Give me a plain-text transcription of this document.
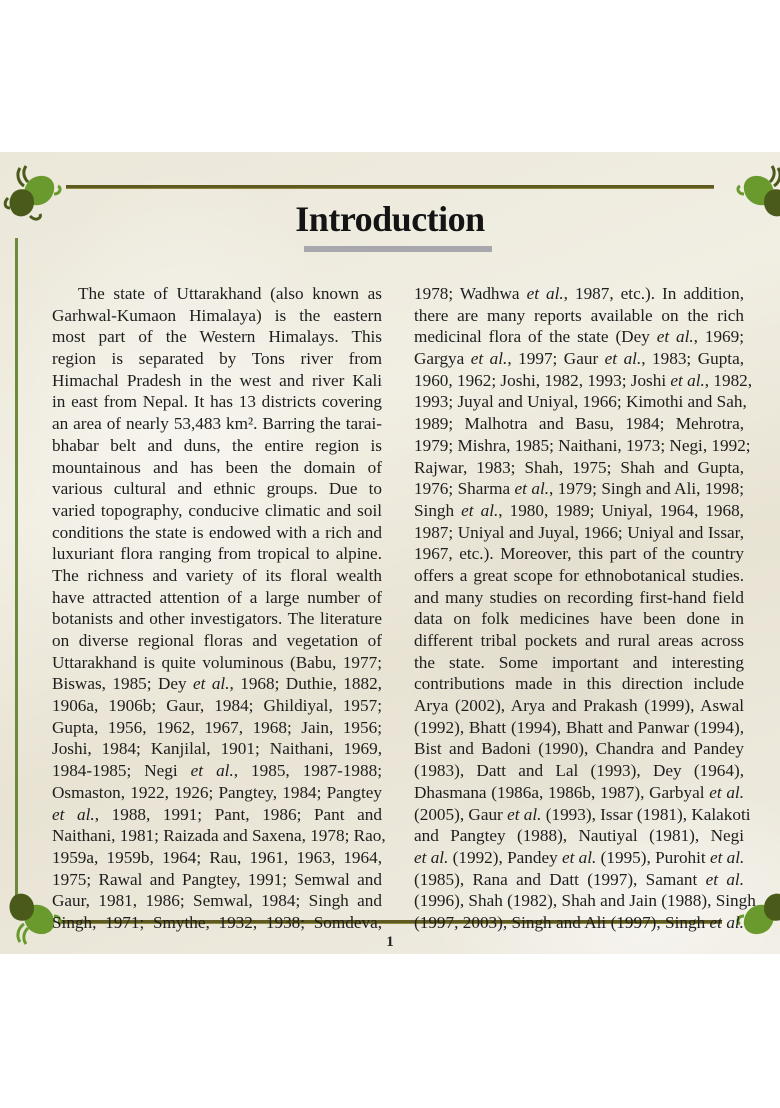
Introduction
The state of Uttarakhand (also known as
Garhwal-Kumaon Himalaya) is the eastern
most part of the Western Himalays. This
region is separated by Tons river from
Himachal Pradesh in the west and river Kali
in east from Nepal. It has 13 districts covering
an area of nearly 53,483 km². Barring the tarai-
bhabar belt and duns, the entire region is
mountainous and has been the domain of
various cultural and ethnic groups. Due to
varied topography, conducive climatic and soil
conditions the state is endowed with a rich and
luxuriant flora ranging from tropical to alpine.
The richness and variety of its floral wealth
have attracted attention of a large number of
botanists and other investigators. The literature
on diverse regional floras and vegetation of
Uttarakhand is quite voluminous (Babu, 1977;
Biswas, 1985; Dey et al., 1968; Duthie, 1882,
1906a, 1906b; Gaur, 1984; Ghildiyal, 1957;
Gupta, 1956, 1962, 1967, 1968; Jain, 1956;
Joshi, 1984; Kanjilal, 1901; Naithani, 1969,
1984-1985; Negi et al., 1985, 1987-1988;
Osmaston, 1922, 1926; Pangtey, 1984; Pangtey
et al., 1988, 1991; Pant, 1986; Pant and
Naithani, 1981; Raizada and Saxena, 1978; Rao,
1959a, 1959b, 1964; Rau, 1961, 1963, 1964,
1975; Rawal and Pangtey, 1991; Semwal and
Gaur, 1981, 1986; Semwal, 1984; Singh and
Singh, 1971; Smythe, 1932, 1938; Somdeva,
1978; Wadhwa et al., 1987, etc.). In addition,
there are many reports available on the rich
medicinal flora of the state (Dey et al., 1969;
Gargya et al., 1997; Gaur et al., 1983; Gupta,
1960, 1962; Joshi, 1982, 1993; Joshi et al., 1982,
1993; Juyal and Uniyal, 1966; Kimothi and Sah,
1989; Malhotra and Basu, 1984; Mehrotra,
1979; Mishra, 1985; Naithani, 1973; Negi, 1992;
Rajwar, 1983; Shah, 1975; Shah and Gupta,
1976; Sharma et al., 1979; Singh and Ali, 1998;
Singh et al., 1980, 1989; Uniyal, 1964, 1968,
1987; Uniyal and Juyal, 1966; Uniyal and Issar,
1967, etc.). Moreover, this part of the country
offers a great scope for ethnobotanical studies.
and many studies on recording first-hand field
data on folk medicines have been done in
different tribal pockets and rural areas across
the state. Some important and interesting
contributions made in this direction include
Arya (2002), Arya and Prakash (1999), Aswal
(1992), Bhatt (1994), Bhatt and Panwar (1994),
Bist and Badoni (1990), Chandra and Pandey
(1983), Datt and Lal (1993), Dey (1964),
Dhasmana (1986a, 1986b, 1987), Garbyal et al.
(2005), Gaur et al. (1993), Issar (1981), Kalakoti
and Pangtey (1988), Nautiyal (1981), Negi
et al. (1992), Pandey et al. (1995), Purohit et al.
(1985), Rana and Datt (1997), Samant et al.
(1996), Shah (1982), Shah and Jain (1988), Singh
(1997, 2003), Singh and Ali (1997), Singh et al.
1
